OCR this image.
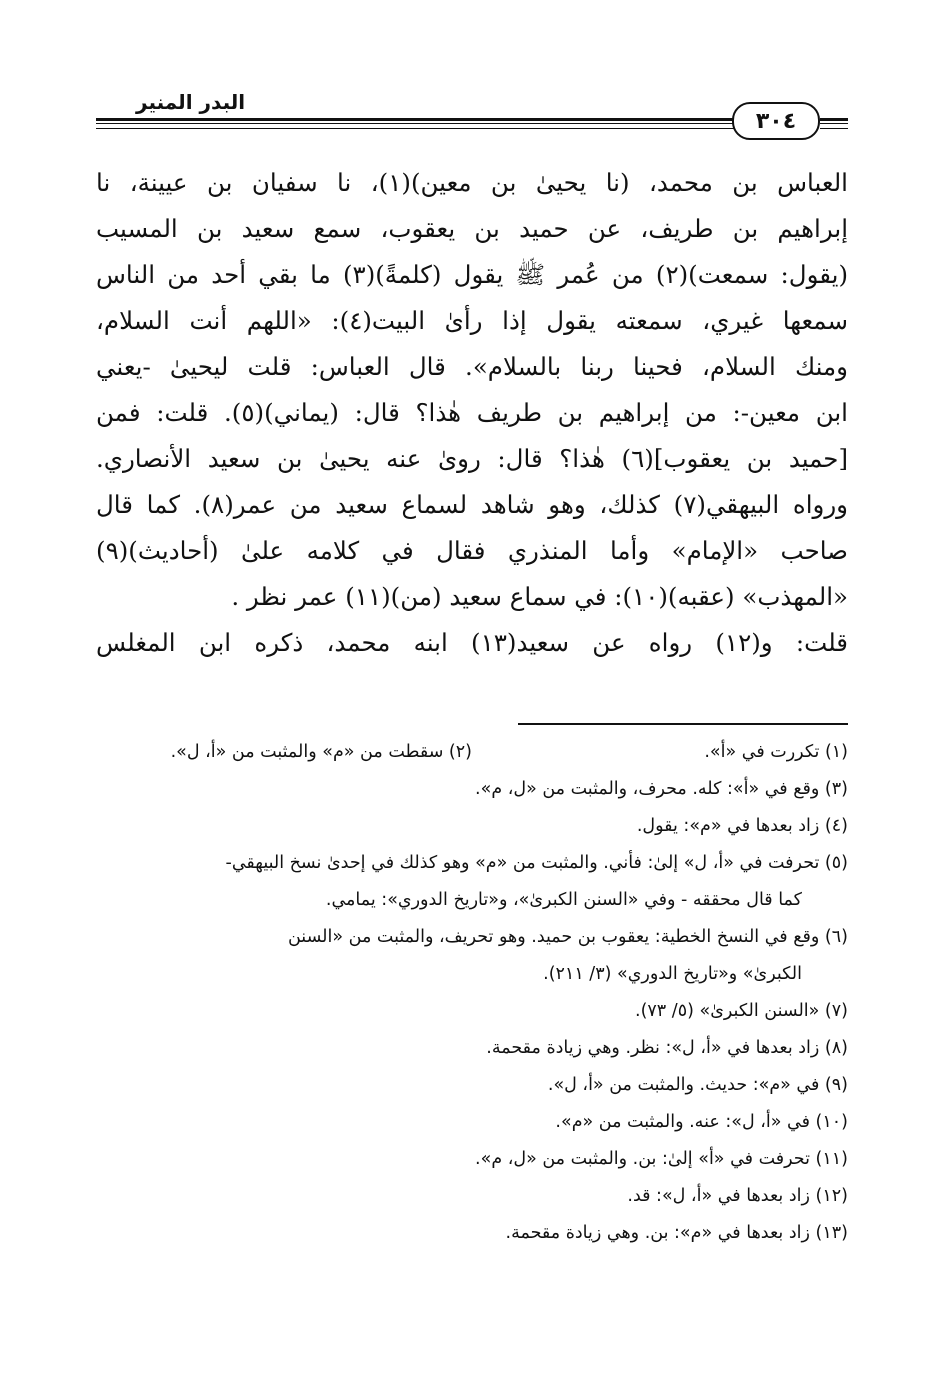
البدر المنير
٣٠٤
العباس بن محمد، (نا يحيىٰ بن معين)(١)، نا سفيان بن عيينة، نا
إبراهيم بن طريف، عن حميد بن يعقوب، سمع سعيد بن المسيب
(يقول: سمعت)(٢) من عُمر ﷺ يقول (كلمةً)(٣) ما بقي أحد من الناس
سمعها غيري، سمعته يقول إذا رأىٰ البيت(٤): «اللهم أنت السلام،
ومنك السلام، فحينا ربنا بالسلام». قال العباس: قلت ليحيىٰ -يعني
ابن معين-: من إبراهيم بن طريف هٰذا؟ قال: (يماني)(٥). قلت: فمن
[حميد بن يعقوب](٦) هٰذا؟ قال: روىٰ عنه يحيىٰ بن سعيد الأنصاري.
ورواه البيهقي(٧) كذلك، وهو شاهد لسماع سعيد من عمر(٨). كما قال
صاحب «الإمام» وأما المنذري فقال في كلامه علىٰ (أحاديث)(٩)
«المهذب» (عقبه)(١٠): في سماع سعيد (من)(١١) عمر نظر .
قلت: و(١٢) رواه عن سعيد(١٣) ابنه محمد، ذكره ابن المغلس
(١) تكررت في «أ».
(٢) سقطت من «م» والمثبت من «أ، ل».
(٣) وقع في «أ»: كله. محرف، والمثبت من «ل، م».
(٤) زاد بعدها في «م»: يقول.
(٥) تحرفت في «أ، ل» إلىٰ: فأني. والمثبت من «م» وهو كذلك في إحدىٰ نسخ البيهقي-
كما قال محققه - وفي «السنن الكبرىٰ»، و«تاريخ الدوري»: يمامي.
(٦) وقع في النسخ الخطية: يعقوب بن حميد. وهو تحريف، والمثبت من «السنن
الكبرىٰ» و«تاريخ الدوري» (٣/ ٢١١).
(٧) «السنن الكبرىٰ» (٥/ ٧٣).
(٨) زاد بعدها في «أ، ل»: نظر. وهي زيادة مقحمة.
(٩) في «م»: حديث. والمثبت من «أ، ل».
(١٠) في «أ، ل»: عنه. والمثبت من «م».
(١١) تحرفت في «أ» إلىٰ: بن. والمثبت من «ل، م».
(١٢) زاد بعدها في «أ، ل»: قد.
(١٣) زاد بعدها في «م»: بن. وهي زيادة مقحمة.
